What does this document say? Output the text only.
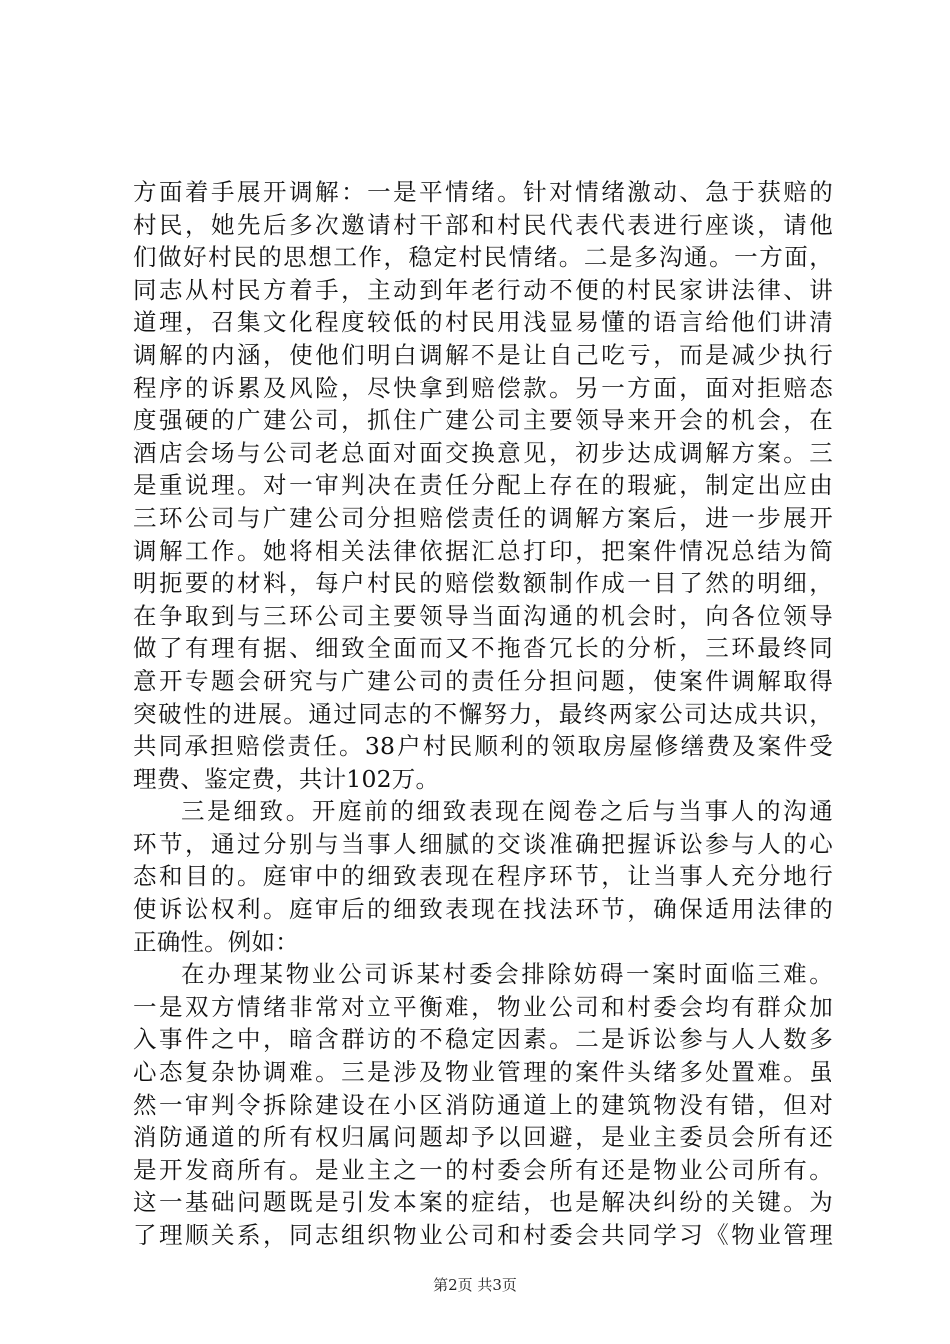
方面着手展开调解：一是平情绪。针对情绪激动、急于获赔的
村民，她先后多次邀请村干部和村民代表代表进行座谈，请他
们做好村民的思想工作，稳定村民情绪。二是多沟通。一方面，
同志从村民方着手，主动到年老行动不便的村民家讲法律、讲
道理，召集文化程度较低的村民用浅显易懂的语言给他们讲清
调解的内涵，使他们明白调解不是让自己吃亏，而是减少执行
程序的诉累及风险，尽快拿到赔偿款。另一方面，面对拒赔态
度强硬的广建公司，抓住广建公司主要领导来开会的机会，在
酒店会场与公司老总面对面交换意见，初步达成调解方案。三
是重说理。对一审判决在责任分配上存在的瑕疵，制定出应由
三环公司与广建公司分担赔偿责任的调解方案后，进一步展开
调解工作。她将相关法律依据汇总打印，把案件情况总结为简
明扼要的材料，每户村民的赔偿数额制作成一目了然的明细，
在争取到与三环公司主要领导当面沟通的机会时，向各位领导
做了有理有据、细致全面而又不拖沓冗长的分析，三环最终同
意开专题会研究与广建公司的责任分担问题，使案件调解取得
突破性的进展。通过同志的不懈努力，最终两家公司达成共识，
共同承担赔偿责任。38户村民顺利的领取房屋修缮费及案件受
理费、鉴定费，共计102万。
三是细致。开庭前的细致表现在阅卷之后与当事人的沟通
环节，通过分别与当事人细腻的交谈准确把握诉讼参与人的心
态和目的。庭审中的细致表现在程序环节，让当事人充分地行
使诉讼权利。庭审后的细致表现在找法环节，确保适用法律的
正确性。例如：
在办理某物业公司诉某村委会排除妨碍一案时面临三难。
一是双方情绪非常对立平衡难，物业公司和村委会均有群众加
入事件之中，暗含群访的不稳定因素。二是诉讼参与人人数多
心态复杂协调难。三是涉及物业管理的案件头绪多处置难。虽
然一审判令拆除建设在小区消防通道上的建筑物没有错，但对
消防通道的所有权归属问题却予以回避，是业主委员会所有还
是开发商所有。是业主之一的村委会所有还是物业公司所有。
这一基础问题既是引发本案的症结，也是解决纠纷的关键。为
了理顺关系，同志组织物业公司和村委会共同学习《物业管理
第2页 共3页
